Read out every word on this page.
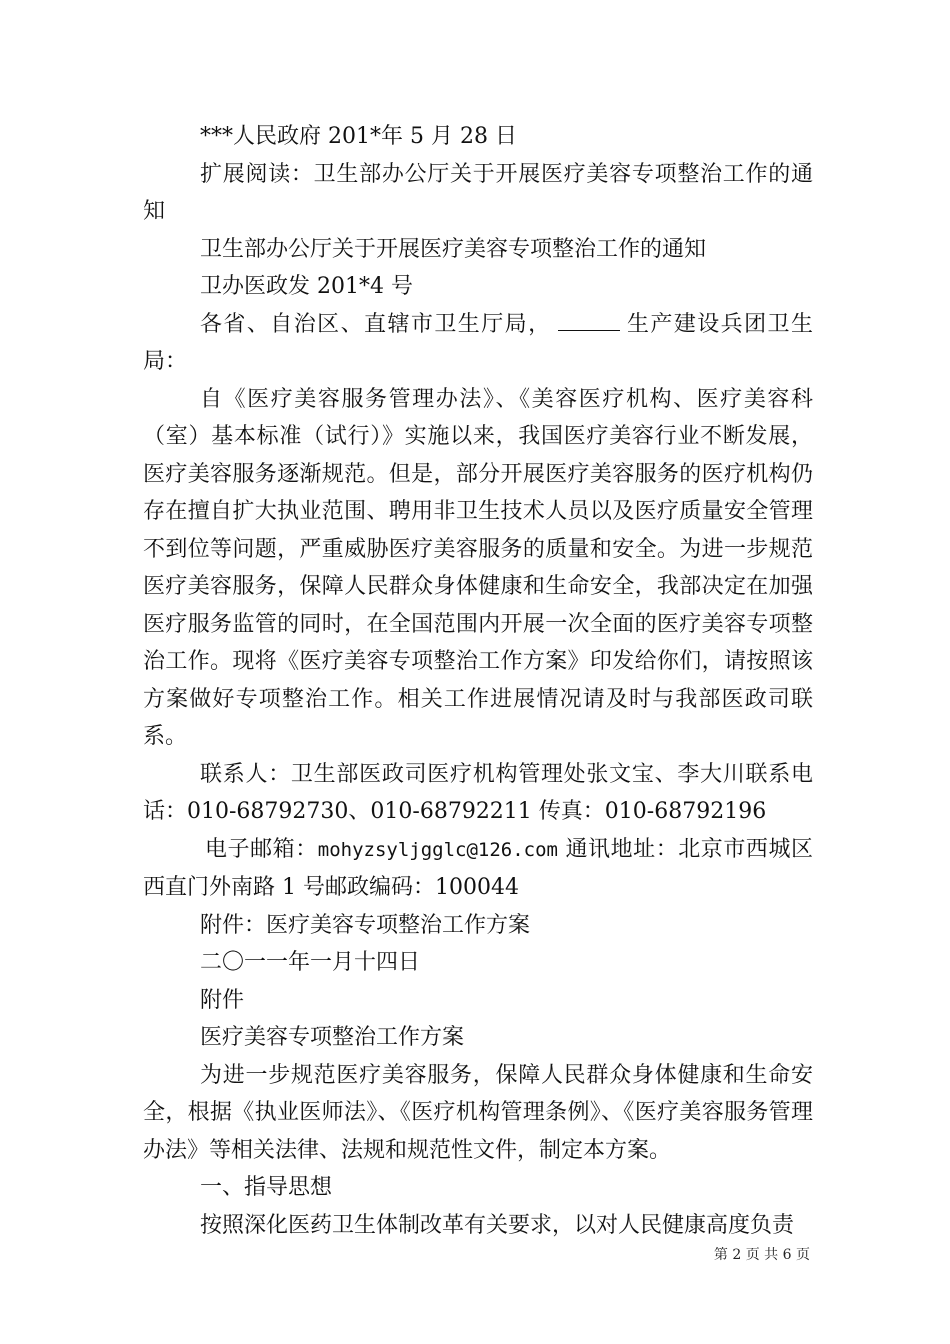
***人民政府 201*年 5 月 28 日

扩展阅读：卫生部办公厅关于开展医疗美容专项整治工作的通知

卫生部办公厅关于开展医疗美容专项整治工作的通知

卫办医政发 201*4 号

各省、自治区、直辖市卫生厅局，	生产建设兵团卫生局：

自《医疗美容服务管理办法》、《美容医疗机构、医疗美容科（室）基本标准（试行）》实施以来，我国医疗美容行业不断发展，医疗美容服务逐渐规范。但是，部分开展医疗美容服务的医疗机构仍存在擅自扩大执业范围、聘用非卫生技术人员以及医疗质量安全管理不到位等问题，严重威胁医疗美容服务的质量和安全。为进一步规范医疗美容服务，保障人民群众身体健康和生命安全，我部决定在加强医疗服务监管的同时，在全国范围内开展一次全面的医疗美容专项整治工作。现将《医疗美容专项整治工作方案》印发给你们，请按照该方案做好专项整治工作。相关工作进展情况请及时与我部医政司联系。

联系人：卫生部医政司医疗机构管理处张文宝、李大川联系电话：010-68792730、010-68792211 传真：010-68792196

电子邮箱：mohyzsyljgglc@126.com 通讯地址：北京市西城区西直门外南路 1 号邮政编码：100044

附件：医疗美容专项整治工作方案

二〇一一年一月十四日

附件

医疗美容专项整治工作方案

为进一步规范医疗美容服务，保障人民群众身体健康和生命安全，根据《执业医师法》、《医疗机构管理条例》、《医疗美容服务管理办法》等相关法律、法规和规范性文件，制定本方案。

一、指导思想

按照深化医药卫生体制改革有关要求，以对人民健康高度负责

第 2 页 共 6 页
